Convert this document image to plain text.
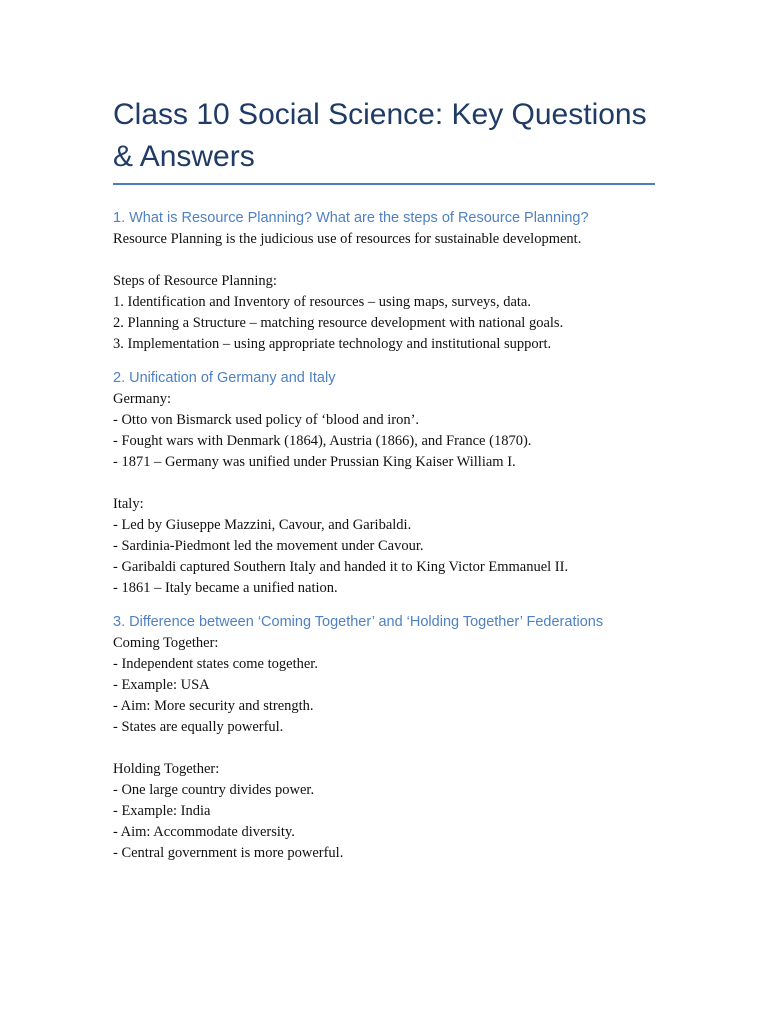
Class 10 Social Science: Key Questions & Answers
1. What is Resource Planning? What are the steps of Resource Planning?
Resource Planning is the judicious use of resources for sustainable development.
Steps of Resource Planning:
1. Identification and Inventory of resources – using maps, surveys, data.
2. Planning a Structure – matching resource development with national goals.
3. Implementation – using appropriate technology and institutional support.
2. Unification of Germany and Italy
Germany:
- Otto von Bismarck used policy of ‘blood and iron’.
- Fought wars with Denmark (1864), Austria (1866), and France (1870).
- 1871 – Germany was unified under Prussian King Kaiser William I.
Italy:
- Led by Giuseppe Mazzini, Cavour, and Garibaldi.
- Sardinia-Piedmont led the movement under Cavour.
- Garibaldi captured Southern Italy and handed it to King Victor Emmanuel II.
- 1861 – Italy became a unified nation.
3. Difference between ‘Coming Together’ and ‘Holding Together’ Federations
Coming Together:
- Independent states come together.
- Example: USA
- Aim: More security and strength.
- States are equally powerful.
Holding Together:
- One large country divides power.
- Example: India
- Aim: Accommodate diversity.
- Central government is more powerful.
